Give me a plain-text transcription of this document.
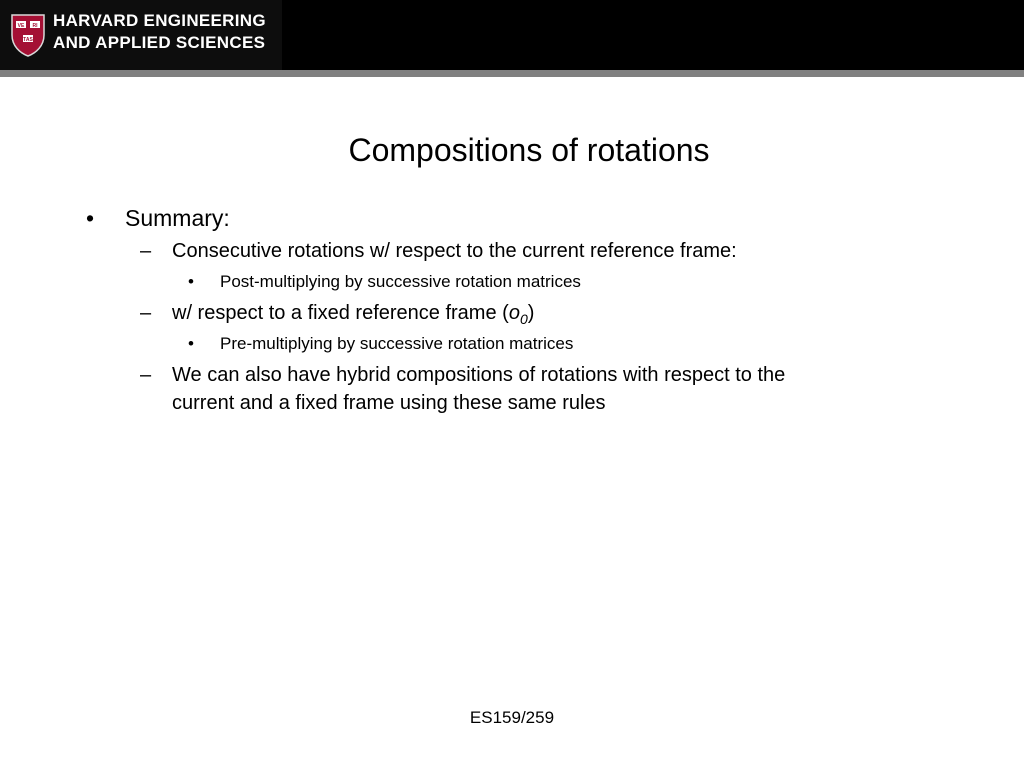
VE RI
TAS
HARVARD ENGINEERING
AND APPLIED SCIENCES
Compositions of rotations
• Summary:
– Consecutive rotations w/ respect to the current reference frame:
• Post-multiplying by successive rotation matrices
– w/ respect to a fixed reference frame $(o_0)$
• Pre-multiplying by successive rotation matrices
– We can also have hybrid compositions of rotations with respect to the
current and a fixed frame using these same rules
ES159/259
